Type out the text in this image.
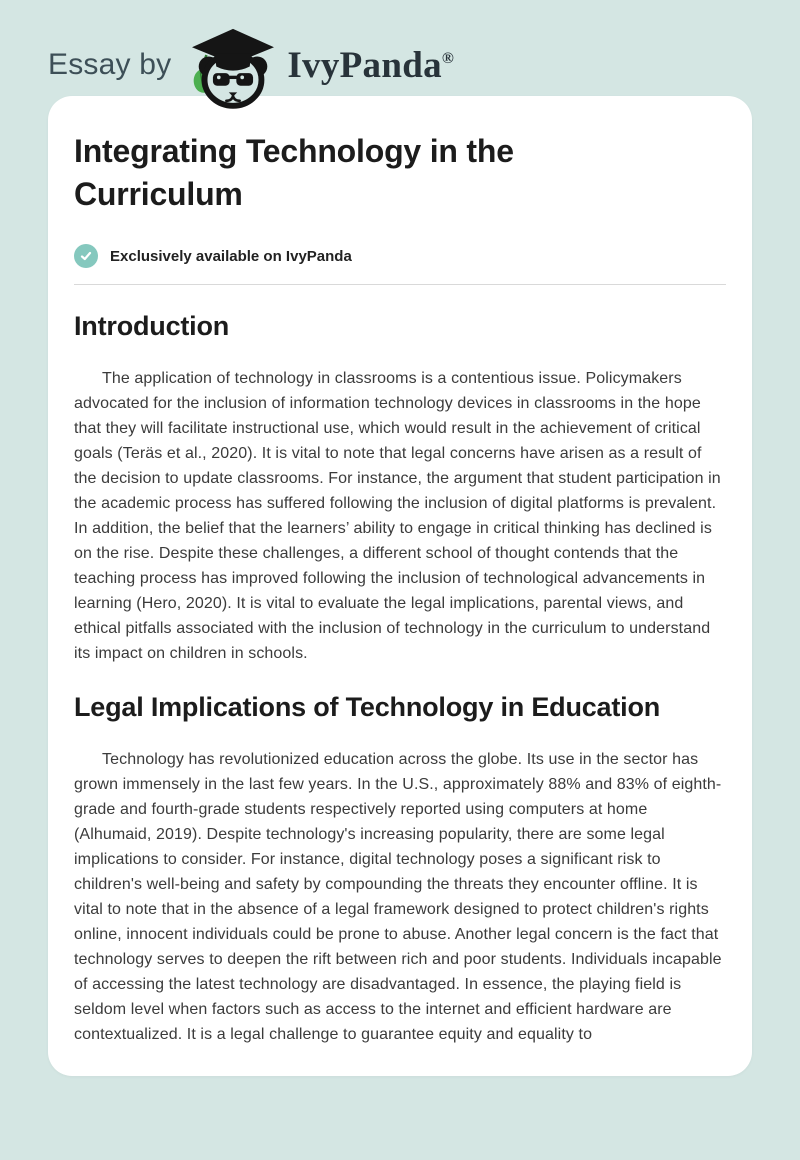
Essay by	IvyPanda®
Integrating Technology in the Curriculum
Exclusively available on IvyPanda
Introduction

The application of technology in classrooms is a contentious issue. Policymakers advocated for the inclusion of information technology devices in classrooms in the hope that they will facilitate instructional use, which would result in the achievement of critical goals (Teräs et al., 2020). It is vital to note that legal concerns have arisen as a result of the decision to update classrooms. For instance, the argument that student participation in the academic process has suffered following the inclusion of digital platforms is prevalent. In addition, the belief that the learners’ ability to engage in critical thinking has declined is on the rise. Despite these challenges, a different school of thought contends that the teaching process has improved following the inclusion of technological advancements in learning (Hero, 2020). It is vital to evaluate the legal implications, parental views, and ethical pitfalls associated with the inclusion of technology in the curriculum to understand its impact on children in schools.

Legal Implications of Technology in Education

Technology has revolutionized education across the globe. Its use in the sector has grown immensely in the last few years. In the U.S., approximately 88% and 83% of eighth-grade and fourth-grade students respectively reported using computers at home (Alhumaid, 2019). Despite technology's increasing popularity, there are some legal implications to consider. For instance, digital technology poses a significant risk to children's well-being and safety by compounding the threats they encounter offline. It is vital to note that in the absence of a legal framework designed to protect children's rights online, innocent individuals could be prone to abuse. Another legal concern is the fact that technology serves to deepen the rift between rich and poor students. Individuals incapable of accessing the latest technology are disadvantaged. In essence, the playing field is seldom level when factors such as access to the internet and efficient hardware are contextualized. It is a legal challenge to guarantee equity and equality to
